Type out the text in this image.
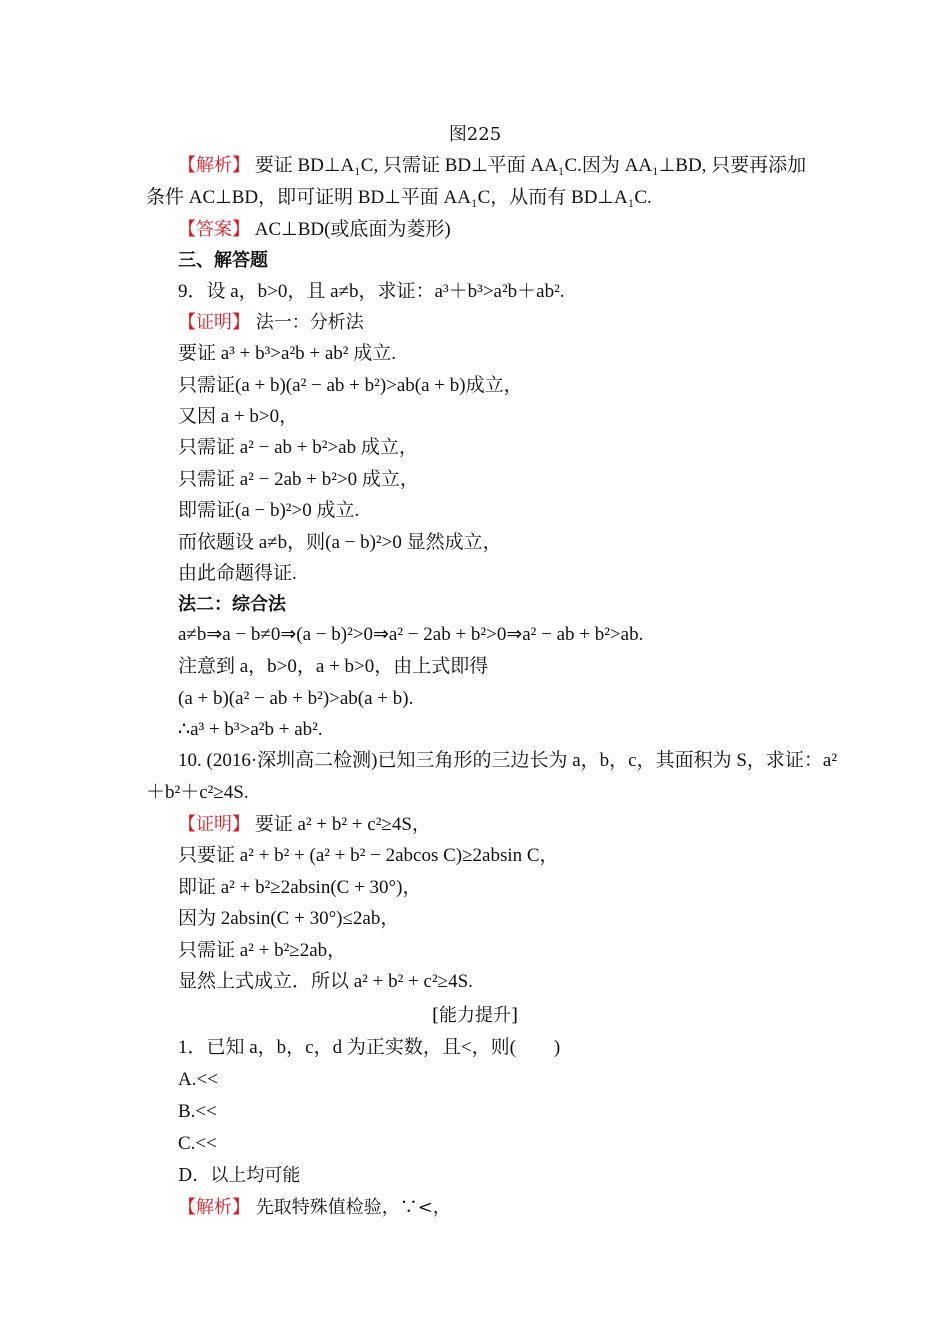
图225
【解析】 要证 BD⊥A₁C, 只需证 BD⊥平面 AA₁C.因为 AA₁⊥BD, 只要再添加
条件 AC⊥BD，即可证明 BD⊥平面 AA₁C，从而有 BD⊥A₁C.
【答案】 AC⊥BD(或底面为菱形)
三、解答题
9．设 a，b>0，且 a≠b，求证：a³＋b³>a²b＋ab².
【证明】 法一：分析法
要证 a³ + b³>a²b + ab² 成立.
只需证(a + b)(a² − ab + b²)>ab(a + b)成立，
又因 a + b>0，
只需证 a² − ab + b²>ab 成立，
只需证 a² − 2ab + b²>0 成立，
即需证(a − b)²>0 成立.
而依题设 a≠b，则(a − b)²>0 显然成立，
由此命题得证.
法二：综合法
a≠b⇒a − b≠0⇒(a − b)²>0⇒a² − 2ab + b²>0⇒a² − ab + b²>ab.
注意到 a，b>0，a + b>0，由上式即得
(a + b)(a² − ab + b²)>ab(a + b).
∴a³ + b³>a²b + ab².
10. (2016·深圳高二检测)已知三角形的三边长为 a，b，c，其面积为 S，求证：a²
＋b²＋c²≥4S.
【证明】 要证 a² + b² + c²≥4S，
只要证 a² + b² + (a² + b² − 2abcos C)≥2absin C，
即证 a² + b²≥2absin(C + 30°)，
因为 2absin(C + 30°)≤2ab，
只需证 a² + b²≥2ab，
显然上式成立．所以 a² + b² + c²≥4S.
[能力提升]
1．已知 a，b，c，d 为正实数，且<，则(　　)
A.<<
B.<<
C.<<
D．以上均可能
【解析】 先取特殊值检验，∵<，
